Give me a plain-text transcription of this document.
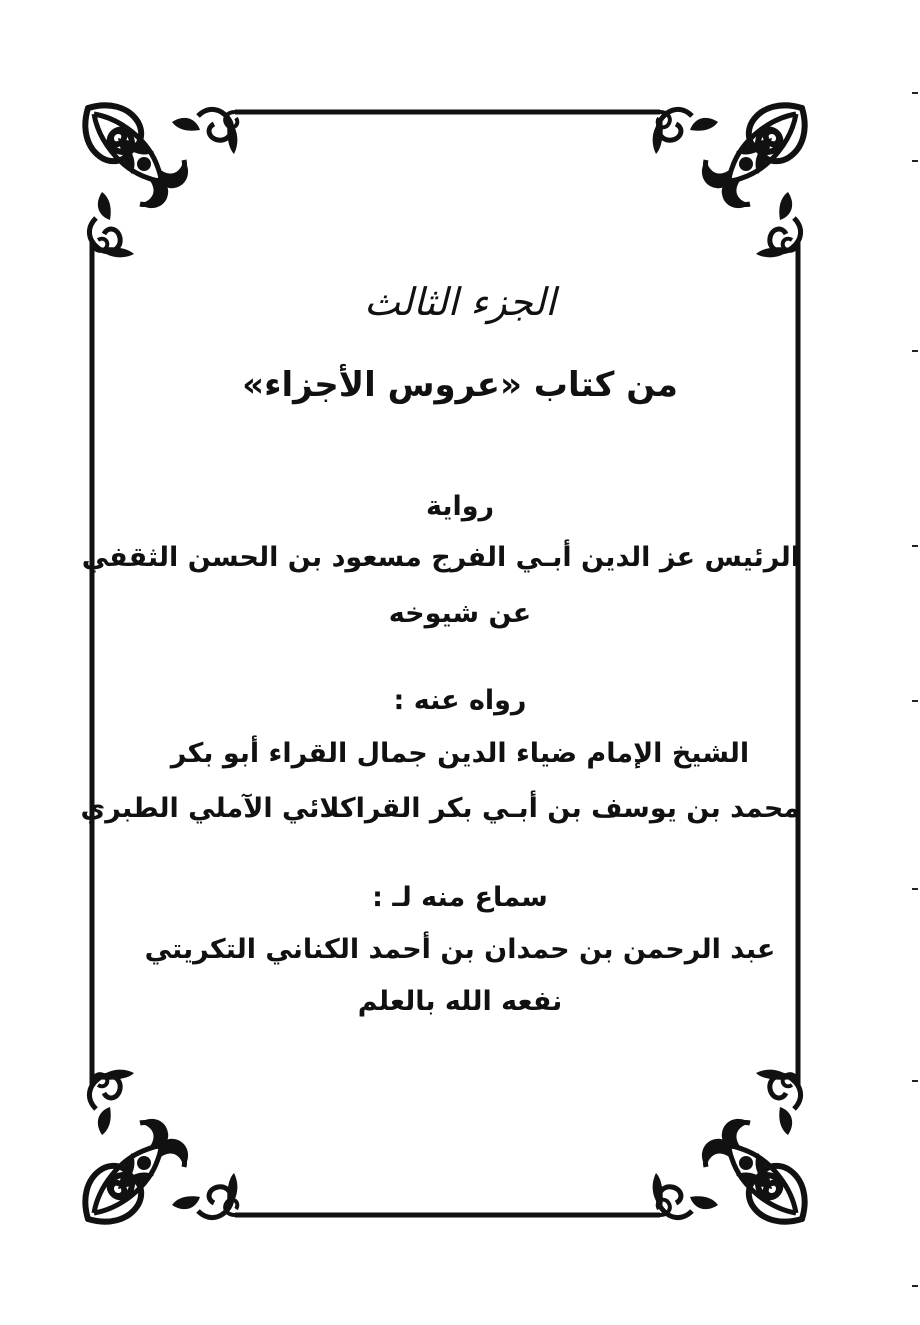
الجزء الثالث
من كتاب «عروس الأجزاء»
رواية
الرئيس عز الدين أبـي الفرج مسعود بن الحسن الثقفي
عن شيوخه
رواه عنه :
الشيخ الإمام ضياء الدين جمال القراء أبو بكر
محمد بن يوسف بن أبـي بكر القراكلائي الآملي الطبري
سماع منه لـ :
عبد الرحمن بن حمدان بن أحمد الكناني التكريتي
نفعه الله بالعلم
